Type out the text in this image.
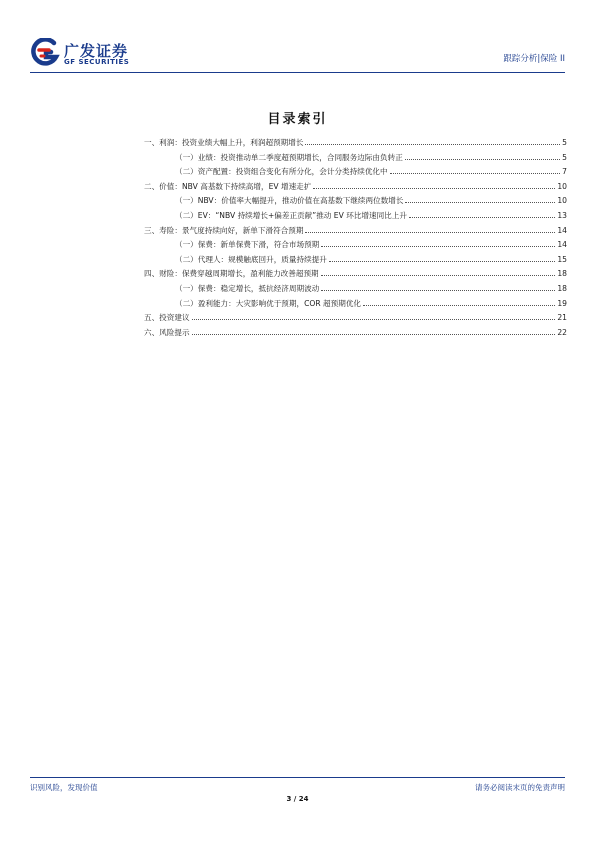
广发证券
GF SECURITIES	跟踪分析|保险 II
目录索引
一、利润：投资业绩大幅上升，利润超预期增长	5
（一）业绩：投资推动单二季度超预期增长，合同服务边际由负转正	5
（二）资产配置：投资组合变化有所分化，会计分类持续优化中	7
二、价值：NBV 高基数下持续高增，EV 增速走扩	10
（一）NBV：价值率大幅提升，推动价值在高基数下继续两位数增长	10
（二）EV：“NBV 持续增长+偏差正贡献”推动 EV 环比增速同比上升	13
三、寿险：景气度持续向好，新单下滑符合预期	14
（一）保费：新单保费下滑，符合市场预期	14
（二）代理人：规模触底回升，质量持续提升	15
四、财险：保费穿越周期增长，盈利能力改善超预期	18
（一）保费：稳定增长，抵抗经济周期波动	18
（二）盈利能力：大灾影响优于预期，COR 超预期优化	19
五、投资建议	21
六、风险提示	22
识别风险，发现价值	请务必阅读末页的免责声明
3 / 24
